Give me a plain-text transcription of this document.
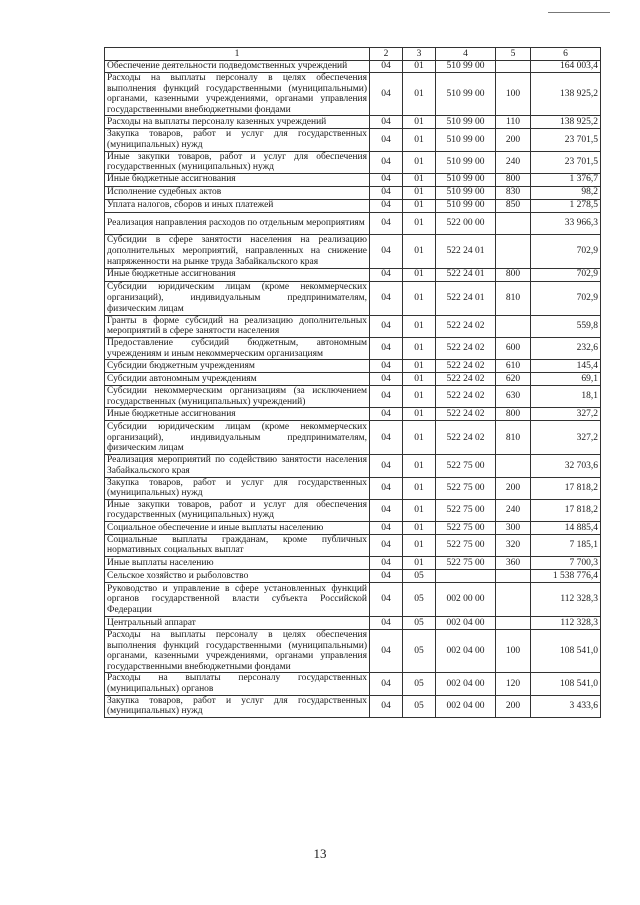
1	2	3	4	5	6
Обеспечение деятельности подведомственных учреждений	04	01	510 99 00		164 003,4
Расходы на выплаты персоналу в целях обеспечения выполнения функций государственными (муниципальными) органами, казенными учреждениями, органами управления государственными внебюджетными фондами	04	01	510 99 00	100	138 925,2
Расходы на выплаты персоналу казенных учреждений	04	01	510 99 00	110	138 925,2
Закупка товаров, работ и услуг для государственных (муниципальных) нужд	04	01	510 99 00	200	23 701,5
Иные закупки товаров, работ и услуг для обеспечения государственных (муниципальных) нужд	04	01	510 99 00	240	23 701,5
Иные бюджетные ассигнования	04	01	510 99 00	800	1 376,7
Исполнение судебных актов	04	01	510 99 00	830	98,2
Уплата налогов, сборов и иных платежей	04	01	510 99 00	850	1 278,5
Реализация направления расходов по отдельным мероприятиям	04	01	522 00 00		33 966,3
Субсидии в сфере занятости населения на реализацию дополнительных мероприятий, направленных на снижение напряженности на рынке труда Забайкальского края	04	01	522 24 01		702,9
Иные бюджетные ассигнования	04	01	522 24 01	800	702,9
Субсидии юридическим лицам (кроме некоммерческих организаций), индивидуальным предпринимателям, физическим лицам	04	01	522 24 01	810	702,9
Гранты в форме субсидий на реализацию дополнительных мероприятий в сфере занятости населения	04	01	522 24 02		559,8
Предоставление субсидий бюджетным, автономным учреждениям и иным некоммерческим организациям	04	01	522 24 02	600	232,6
Субсидии бюджетным учреждениям	04	01	522 24 02	610	145,4
Субсидии автономным учреждениям	04	01	522 24 02	620	69,1
Субсидии некоммерческим организациям (за исключением государственных (муниципальных) учреждений)	04	01	522 24 02	630	18,1
Иные бюджетные ассигнования	04	01	522 24 02	800	327,2
Субсидии юридическим лицам (кроме некоммерческих организаций), индивидуальным предпринимателям, физическим лицам	04	01	522 24 02	810	327,2
Реализация мероприятий по содействию занятости населения Забайкальского края	04	01	522 75 00		32 703,6
Закупка товаров, работ и услуг для государственных (муниципальных) нужд	04	01	522 75 00	200	17 818,2
Иные закупки товаров, работ и услуг для обеспечения государственных (муниципальных) нужд	04	01	522 75 00	240	17 818,2
Социальное обеспечение и иные выплаты населению	04	01	522 75 00	300	14 885,4
Социальные выплаты гражданам, кроме публичных нормативных социальных выплат	04	01	522 75 00	320	7 185,1
Иные выплаты населению	04	01	522 75 00	360	7 700,3
Сельское хозяйство и рыболовство	04	05			1 538 776,4
Руководство и управление в сфере установленных функций органов государственной власти субъекта Российской Федерации	04	05	002 00 00		112 328,3
Центральный аппарат	04	05	002 04 00		112 328,3
Расходы на выплаты персоналу в целях обеспечения выполнения функций государственными (муниципальными) органами, казенными учреждениями, органами управления государственными внебюджетными фондами	04	05	002 04 00	100	108 541,0
Расходы на выплаты персоналу государственных (муниципальных) органов	04	05	002 04 00	120	108 541,0
Закупка товаров, работ и услуг для государственных (муниципальных) нужд	04	05	002 04 00	200	3 433,6
13
